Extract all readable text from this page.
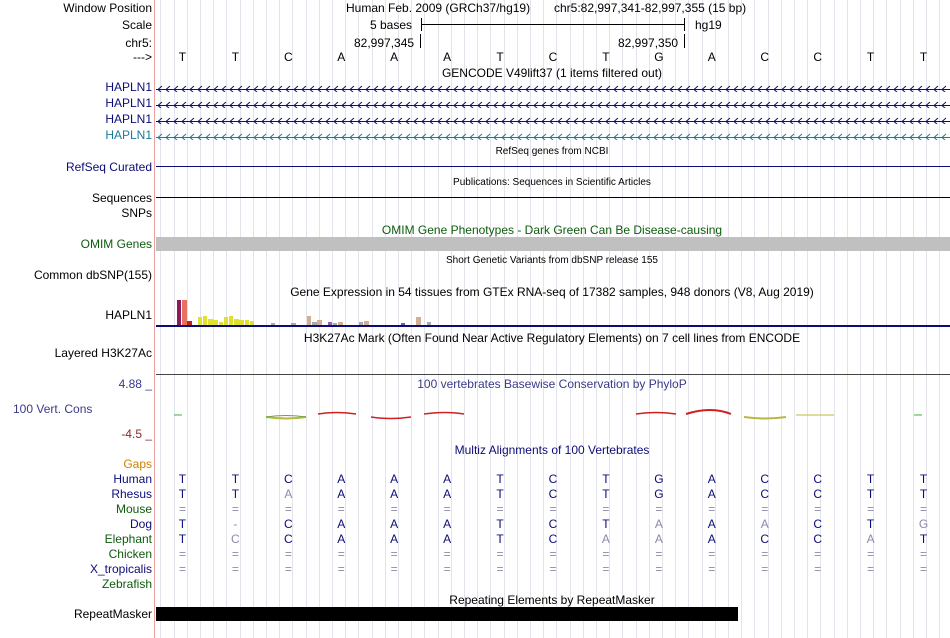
Window Position
Scale
chr5:
--->
Human Feb. 2009 (GRCh37/hg19) chr5:82,997,341-82,997,355 (15 bp)
5 bases	hg19
82,997,345	82,997,350
T	T	C	A	A	A	T	C	T	G	A	C	C	T	T
GENCODE V49lift37 (1 items filtered out)
HAPLN1
HAPLN1
HAPLN1
HAPLN1
RefSeq genes from NCBI
RefSeq Curated
Publications: Sequences in Scientific Articles
Sequences
SNPs
OMIM Gene Phenotypes - Dark Green Can Be Disease-causing
OMIM Genes
Short Genetic Variants from dbSNP release 155
Common dbSNP(155)
Gene Expression in 54 tissues from GTEx RNA-seq of 17382 samples, 948 donors (V8, Aug 2019)
HAPLN1
H3K27Ac Mark (Often Found Near Active Regulatory Elements) on 7 cell lines from ENCODE
Layered H3K27Ac
100 vertebrates Basewise Conservation by PhyloP
4.88 _
100 Vert. Cons
-4.5 _
Multiz Alignments of 100 Vertebrates
Gaps
Human T	T	C	A	A	A	T	C	T	G	A	C	C	T	T
Rhesus T	T	A	A	A	A	T	C	T	G	A	C	C	T	T
Mouse =	=	=	=	=	=	=	=	=	=	=	=	=	=	=
Dog T	-	C	A	A	A	T	C	T	A	A	A	C	T	G
Elephant T	C	C	A	A	A	T	C	A	A	A	C	C	A	T
Chicken =	=	=	=	=	=	=	=	=	=	=	=	=	=	=
X_tropicalis =	=	=	=	=	=	=	=	=	=	=	=	=	=	=
Zebrafish
Repeating Elements by RepeatMasker
RepeatMasker
